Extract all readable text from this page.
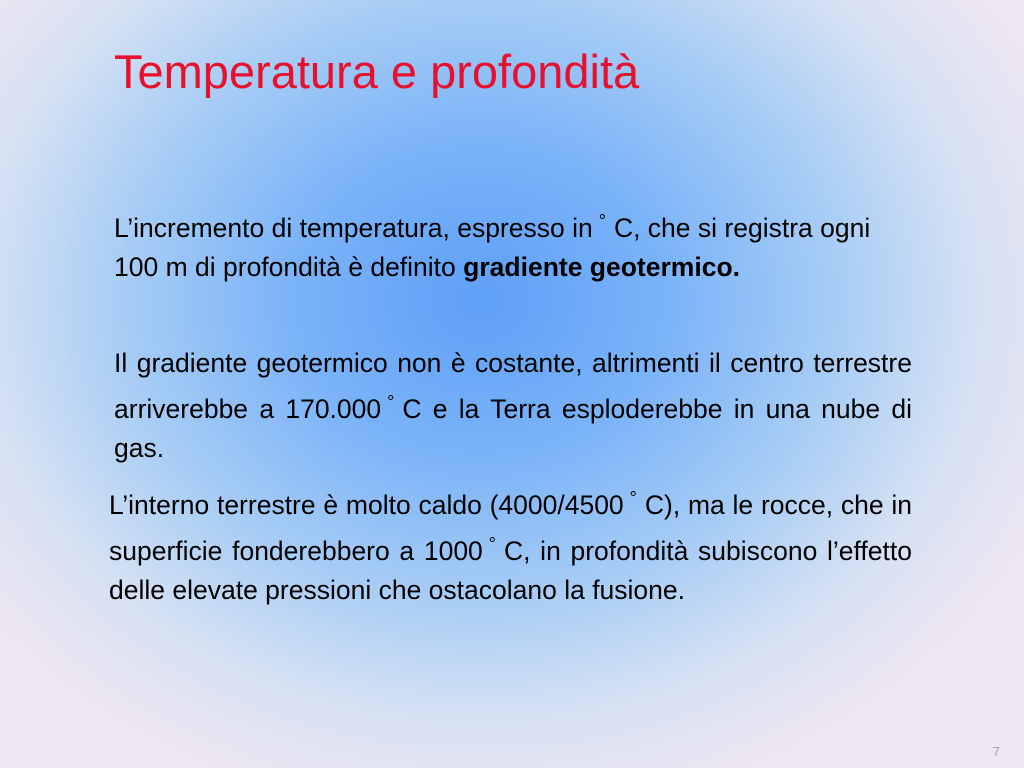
Temperatura e profondità

L’incremento di temperatura, espresso in ° C, che si registra ogni 100 m di profondità è definito gradiente geotermico.

Il gradiente geotermico non è costante, altrimenti il centro terrestre arriverebbe a 170.000 ° C e la Terra esploderebbe in una nube di gas.

L’interno terrestre è molto caldo (4000/4500 ° C), ma le rocce, che in superficie fonderebbero a 1000 ° C, in profondità subiscono l’effetto delle elevate pressioni che ostacolano la fusione.

7
